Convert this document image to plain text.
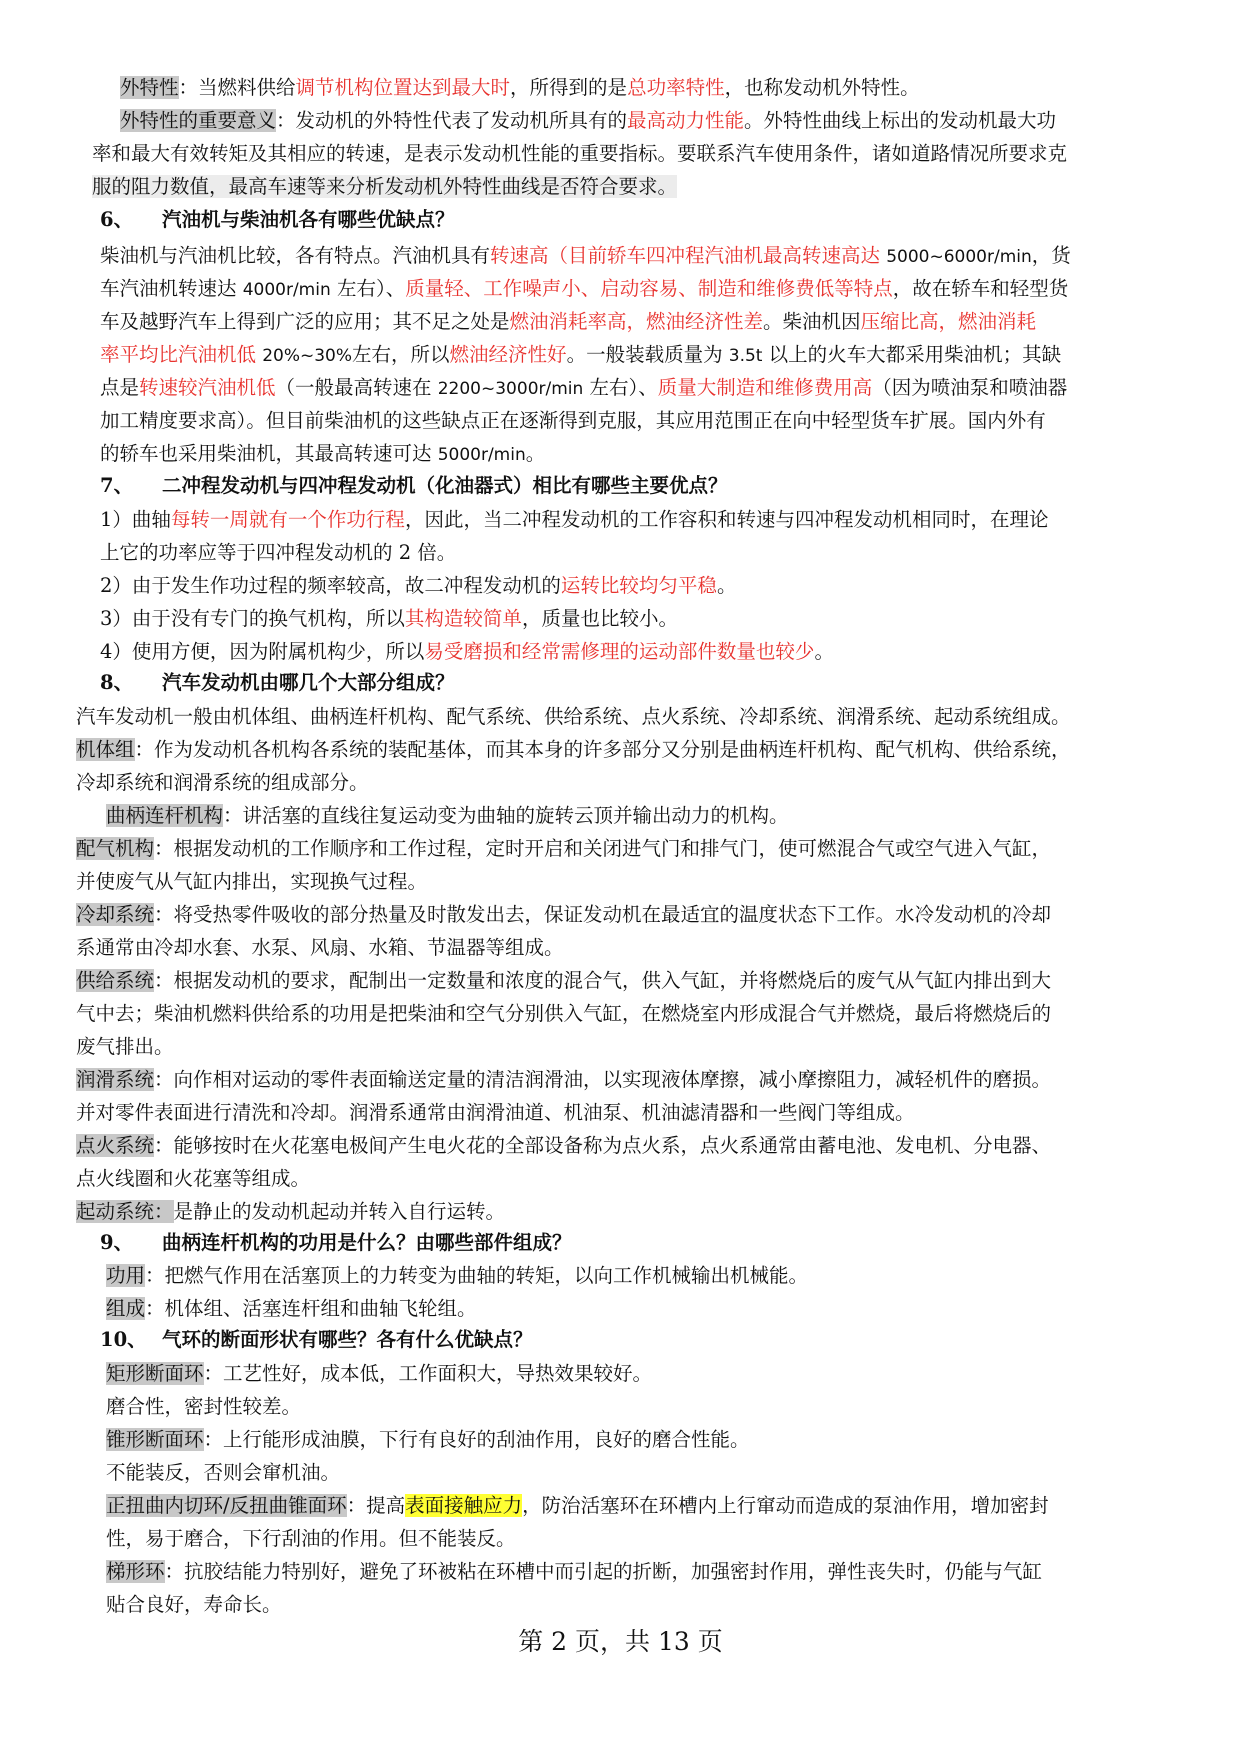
外特性：当燃料供给调节机构位置达到最大时，所得到的是总功率特性，也称发动机外特性。
外特性的重要意义：发动机的外特性代表了发动机所具有的最高动力性能。外特性曲线上标出的发动机最大功
率和最大有效转矩及其相应的转速，是表示发动机性能的重要指标。要联系汽车使用条件，诸如道路情况所要求克
服的阻力数值，最高车速等来分析发动机外特性曲线是否符合要求。
6、 汽油机与柴油机各有哪些优缺点？
柴油机与汽油机比较，各有特点。汽油机具有转速高（目前轿车四冲程汽油机最高转速高达 5000~6000r/min，货
车汽油机转速达 4000r/min 左右）、质量轻、工作噪声小、启动容易、制造和维修费低等特点，故在轿车和轻型货
车及越野汽车上得到广泛的应用；其不足之处是燃油消耗率高，燃油经济性差。柴油机因压缩比高，燃油消耗
率平均比汽油机低 20%~30%左右，所以燃油经济性好。一般装载质量为 3.5t 以上的火车大都采用柴油机；其缺
点是转速较汽油机低（一般最高转速在 2200~3000r/min 左右）、质量大制造和维修费用高（因为喷油泵和喷油器
加工精度要求高）。但目前柴油机的这些缺点正在逐渐得到克服，其应用范围正在向中轻型货车扩展。国内外有
的轿车也采用柴油机，其最高转速可达 5000r/min。
7、 二冲程发动机与四冲程发动机（化油器式）相比有哪些主要优点？
1）曲轴每转一周就有一个作功行程，因此，当二冲程发动机的工作容积和转速与四冲程发动机相同时，在理论
上它的功率应等于四冲程发动机的 2 倍。
2）由于发生作功过程的频率较高，故二冲程发动机的运转比较均匀平稳。
3）由于没有专门的换气机构，所以其构造较简单，质量也比较小。
4）使用方便，因为附属机构少，所以易受磨损和经常需修理的运动部件数量也较少。
8、 汽车发动机由哪几个大部分组成？
汽车发动机一般由机体组、曲柄连杆机构、配气系统、供给系统、点火系统、冷却系统、润滑系统、起动系统组成。
机体组：作为发动机各机构各系统的装配基体，而其本身的许多部分又分别是曲柄连杆机构、配气机构、供给系统，
冷却系统和润滑系统的组成部分。
曲柄连杆机构：讲活塞的直线往复运动变为曲轴的旋转云顶并输出动力的机构。
配气机构：根据发动机的工作顺序和工作过程，定时开启和关闭进气门和排气门，使可燃混合气或空气进入气缸，
并使废气从气缸内排出，实现换气过程。
冷却系统：将受热零件吸收的部分热量及时散发出去，保证发动机在最适宜的温度状态下工作。水冷发动机的冷却
系通常由冷却水套、水泵、风扇、水箱、节温器等组成。
供给系统：根据发动机的要求，配制出一定数量和浓度的混合气，供入气缸，并将燃烧后的废气从气缸内排出到大
气中去；柴油机燃料供给系的功用是把柴油和空气分别供入气缸，在燃烧室内形成混合气并燃烧，最后将燃烧后的
废气排出。
润滑系统：向作相对运动的零件表面输送定量的清洁润滑油，以实现液体摩擦，减小摩擦阻力，减轻机件的磨损。
并对零件表面进行清洗和冷却。润滑系通常由润滑油道、机油泵、机油滤清器和一些阀门等组成。
点火系统：能够按时在火花塞电极间产生电火花的全部设备称为点火系，点火系通常由蓄电池、发电机、分电器、
点火线圈和火花塞等组成。
起动系统：是静止的发动机起动并转入自行运转。
9、 曲柄连杆机构的功用是什么？由哪些部件组成？
功用：把燃气作用在活塞顶上的力转变为曲轴的转矩，以向工作机械输出机械能。
组成：机体组、活塞连杆组和曲轴飞轮组。
10、 气环的断面形状有哪些？各有什么优缺点？
矩形断面环：工艺性好，成本低，工作面积大，导热效果较好。
磨合性，密封性较差。
锥形断面环：上行能形成油膜，下行有良好的刮油作用，良好的磨合性能。
不能装反，否则会窜机油。
正扭曲内切环/反扭曲锥面环：提高表面接触应力，防治活塞环在环槽内上行窜动而造成的泵油作用，增加密封
性，易于磨合，下行刮油的作用。但不能装反。
梯形环：抗胶结能力特别好，避免了环被粘在环槽中而引起的折断，加强密封作用，弹性丧失时，仍能与气缸
贴合良好，寿命长。
第 2 页，共 13 页
